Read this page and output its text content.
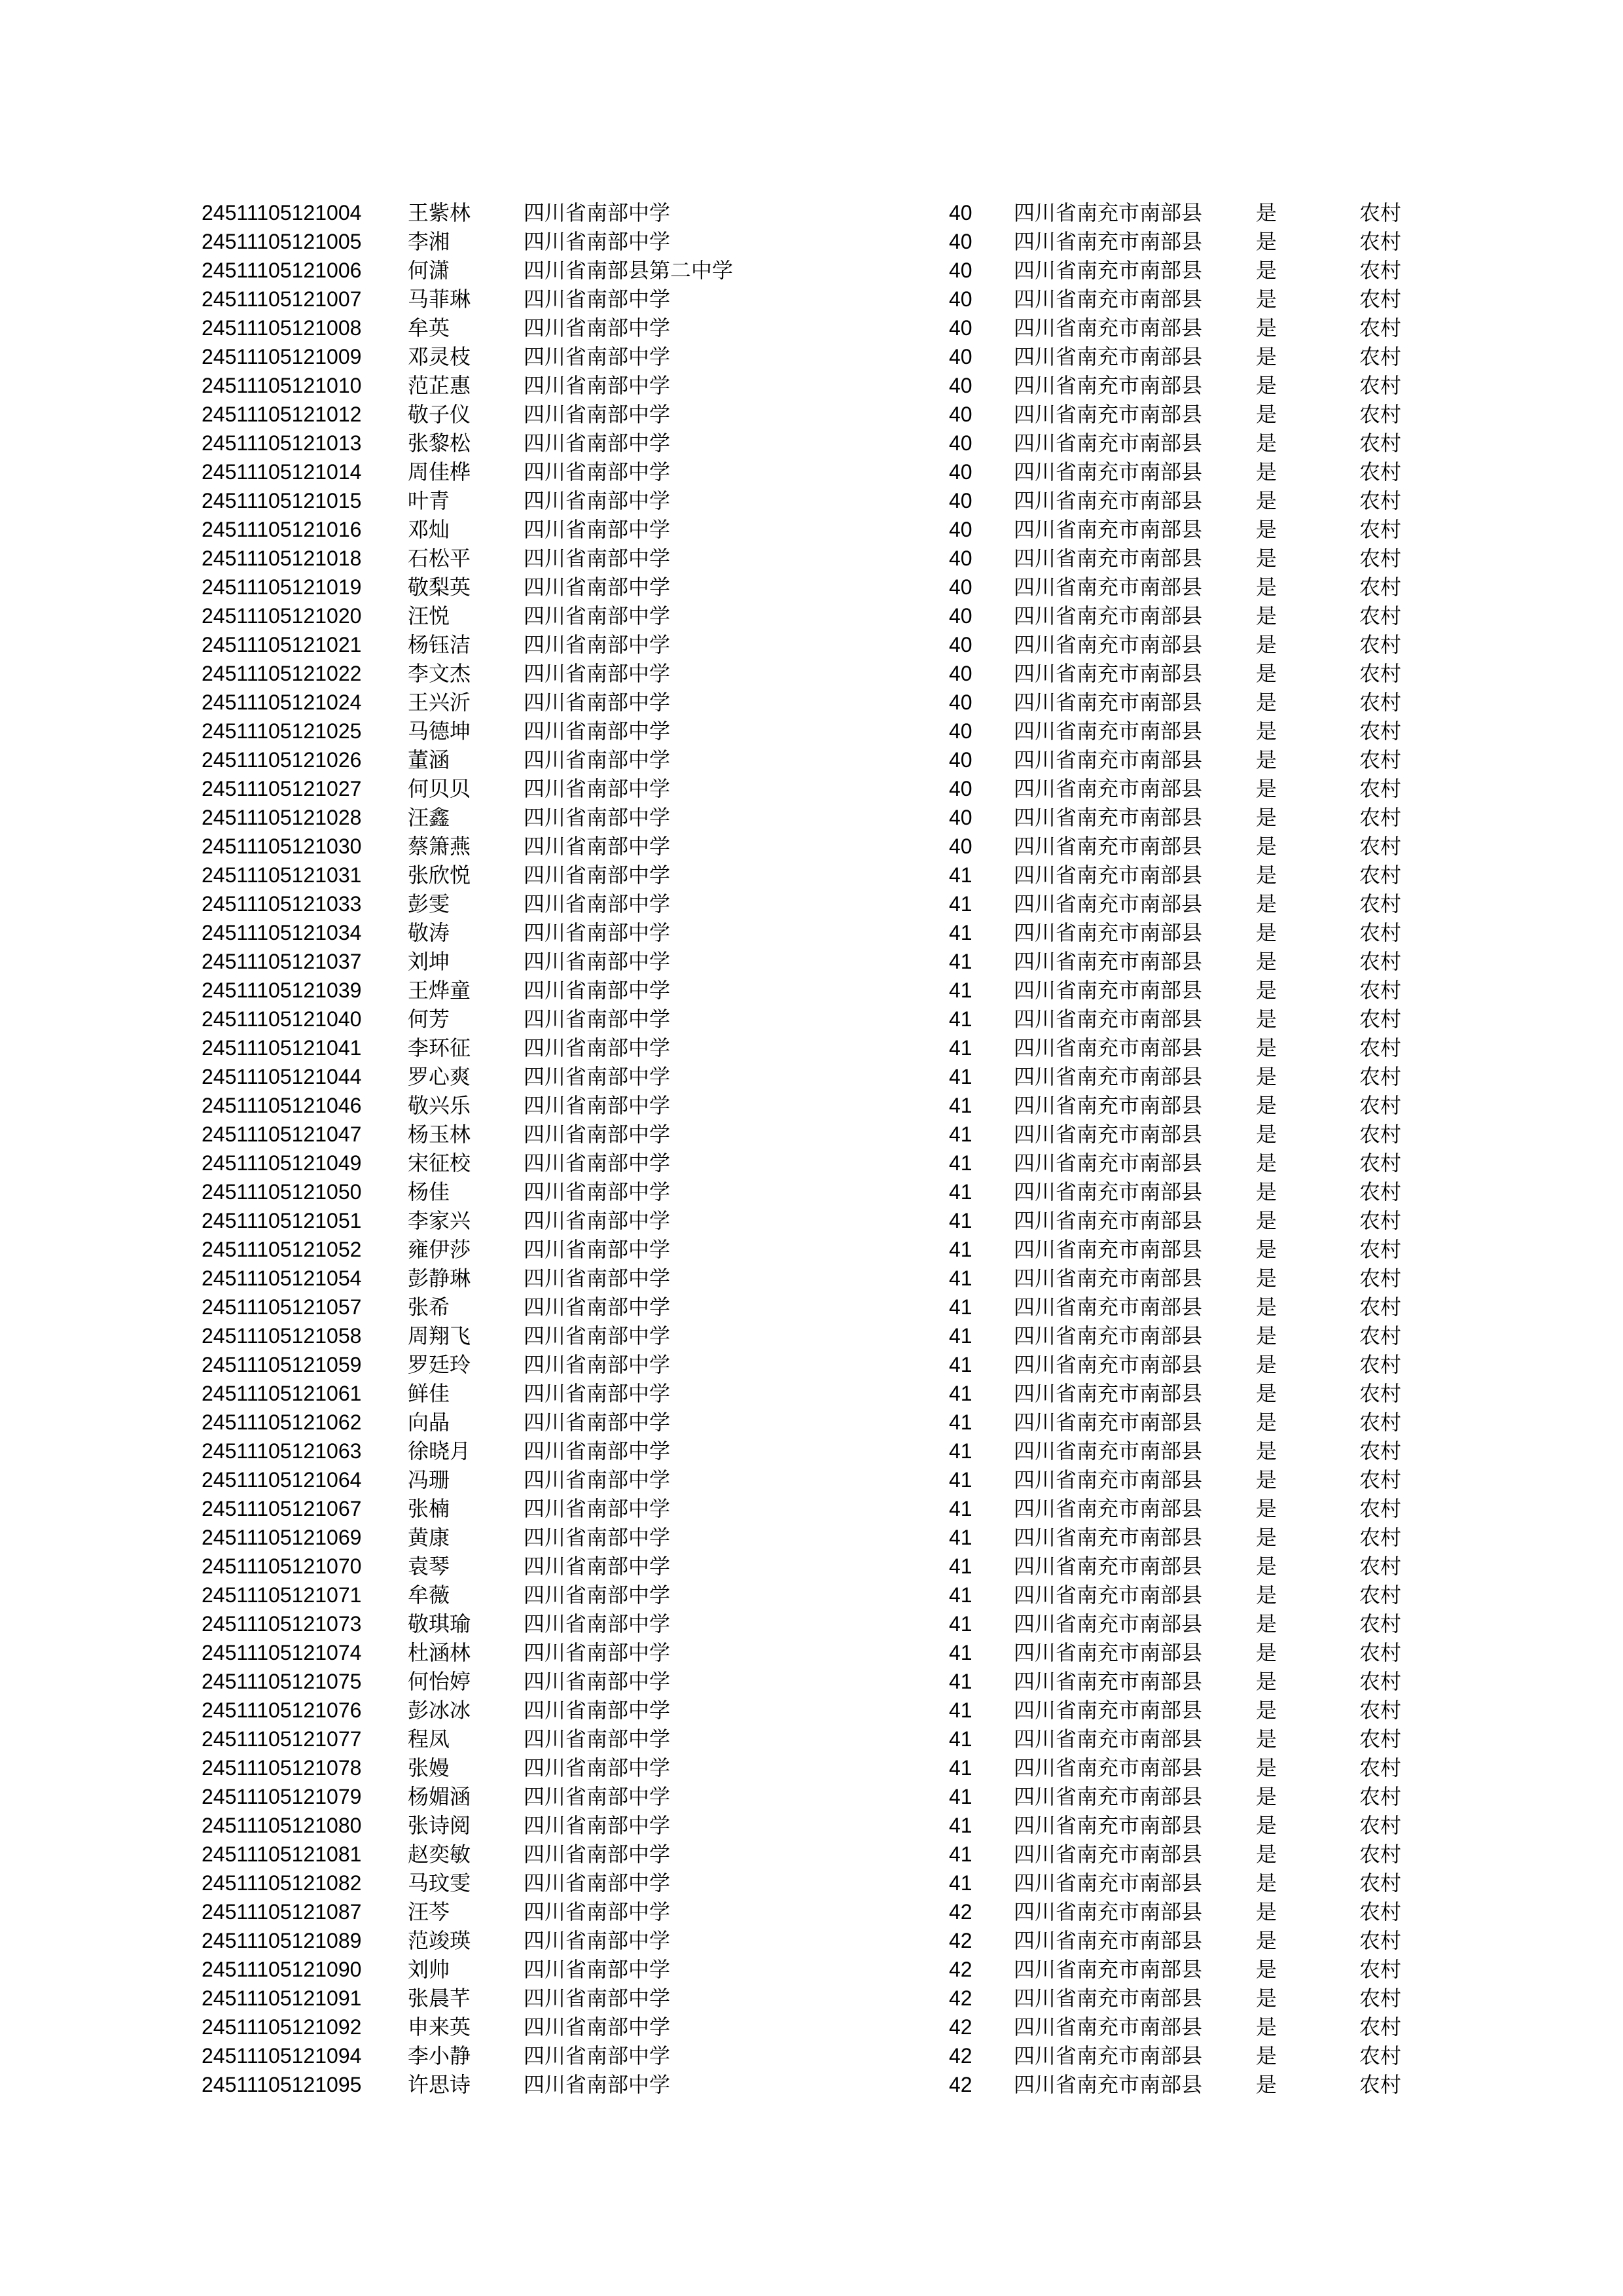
24511105121004	王紫林	四川省南部中学	40	四川省南充市南部县	是	农村
24511105121005	李湘	四川省南部中学	40	四川省南充市南部县	是	农村
24511105121006	何潇	四川省南部县第二中学	40	四川省南充市南部县	是	农村
24511105121007	马菲琳	四川省南部中学	40	四川省南充市南部县	是	农村
24511105121008	牟英	四川省南部中学	40	四川省南充市南部县	是	农村
24511105121009	邓灵枝	四川省南部中学	40	四川省南充市南部县	是	农村
24511105121010	范芷惠	四川省南部中学	40	四川省南充市南部县	是	农村
24511105121012	敬子仪	四川省南部中学	40	四川省南充市南部县	是	农村
24511105121013	张黎松	四川省南部中学	40	四川省南充市南部县	是	农村
24511105121014	周佳桦	四川省南部中学	40	四川省南充市南部县	是	农村
24511105121015	叶青	四川省南部中学	40	四川省南充市南部县	是	农村
24511105121016	邓灿	四川省南部中学	40	四川省南充市南部县	是	农村
24511105121018	石松平	四川省南部中学	40	四川省南充市南部县	是	农村
24511105121019	敬梨英	四川省南部中学	40	四川省南充市南部县	是	农村
24511105121020	汪悦	四川省南部中学	40	四川省南充市南部县	是	农村
24511105121021	杨钰洁	四川省南部中学	40	四川省南充市南部县	是	农村
24511105121022	李文杰	四川省南部中学	40	四川省南充市南部县	是	农村
24511105121024	王兴沂	四川省南部中学	40	四川省南充市南部县	是	农村
24511105121025	马德坤	四川省南部中学	40	四川省南充市南部县	是	农村
24511105121026	董涵	四川省南部中学	40	四川省南充市南部县	是	农村
24511105121027	何贝贝	四川省南部中学	40	四川省南充市南部县	是	农村
24511105121028	汪鑫	四川省南部中学	40	四川省南充市南部县	是	农村
24511105121030	蔡箫燕	四川省南部中学	40	四川省南充市南部县	是	农村
24511105121031	张欣悦	四川省南部中学	41	四川省南充市南部县	是	农村
24511105121033	彭雯	四川省南部中学	41	四川省南充市南部县	是	农村
24511105121034	敬涛	四川省南部中学	41	四川省南充市南部县	是	农村
24511105121037	刘坤	四川省南部中学	41	四川省南充市南部县	是	农村
24511105121039	王烨童	四川省南部中学	41	四川省南充市南部县	是	农村
24511105121040	何芳	四川省南部中学	41	四川省南充市南部县	是	农村
24511105121041	李环征	四川省南部中学	41	四川省南充市南部县	是	农村
24511105121044	罗心爽	四川省南部中学	41	四川省南充市南部县	是	农村
24511105121046	敬兴乐	四川省南部中学	41	四川省南充市南部县	是	农村
24511105121047	杨玉林	四川省南部中学	41	四川省南充市南部县	是	农村
24511105121049	宋征校	四川省南部中学	41	四川省南充市南部县	是	农村
24511105121050	杨佳	四川省南部中学	41	四川省南充市南部县	是	农村
24511105121051	李家兴	四川省南部中学	41	四川省南充市南部县	是	农村
24511105121052	雍伊莎	四川省南部中学	41	四川省南充市南部县	是	农村
24511105121054	彭静琳	四川省南部中学	41	四川省南充市南部县	是	农村
24511105121057	张希	四川省南部中学	41	四川省南充市南部县	是	农村
24511105121058	周翔飞	四川省南部中学	41	四川省南充市南部县	是	农村
24511105121059	罗廷玲	四川省南部中学	41	四川省南充市南部县	是	农村
24511105121061	鲜佳	四川省南部中学	41	四川省南充市南部县	是	农村
24511105121062	向晶	四川省南部中学	41	四川省南充市南部县	是	农村
24511105121063	徐晓月	四川省南部中学	41	四川省南充市南部县	是	农村
24511105121064	冯珊	四川省南部中学	41	四川省南充市南部县	是	农村
24511105121067	张楠	四川省南部中学	41	四川省南充市南部县	是	农村
24511105121069	黄康	四川省南部中学	41	四川省南充市南部县	是	农村
24511105121070	袁琴	四川省南部中学	41	四川省南充市南部县	是	农村
24511105121071	牟薇	四川省南部中学	41	四川省南充市南部县	是	农村
24511105121073	敬琪瑜	四川省南部中学	41	四川省南充市南部县	是	农村
24511105121074	杜涵林	四川省南部中学	41	四川省南充市南部县	是	农村
24511105121075	何怡婷	四川省南部中学	41	四川省南充市南部县	是	农村
24511105121076	彭冰冰	四川省南部中学	41	四川省南充市南部县	是	农村
24511105121077	程凤	四川省南部中学	41	四川省南充市南部县	是	农村
24511105121078	张嫚	四川省南部中学	41	四川省南充市南部县	是	农村
24511105121079	杨媚涵	四川省南部中学	41	四川省南充市南部县	是	农村
24511105121080	张诗阅	四川省南部中学	41	四川省南充市南部县	是	农村
24511105121081	赵奕敏	四川省南部中学	41	四川省南充市南部县	是	农村
24511105121082	马玟雯	四川省南部中学	41	四川省南充市南部县	是	农村
24511105121087	汪芩	四川省南部中学	42	四川省南充市南部县	是	农村
24511105121089	范竣瑛	四川省南部中学	42	四川省南充市南部县	是	农村
24511105121090	刘帅	四川省南部中学	42	四川省南充市南部县	是	农村
24511105121091	张晨芊	四川省南部中学	42	四川省南充市南部县	是	农村
24511105121092	申来英	四川省南部中学	42	四川省南充市南部县	是	农村
24511105121094	李小静	四川省南部中学	42	四川省南充市南部县	是	农村
24511105121095	许思诗	四川省南部中学	42	四川省南充市南部县	是	农村
